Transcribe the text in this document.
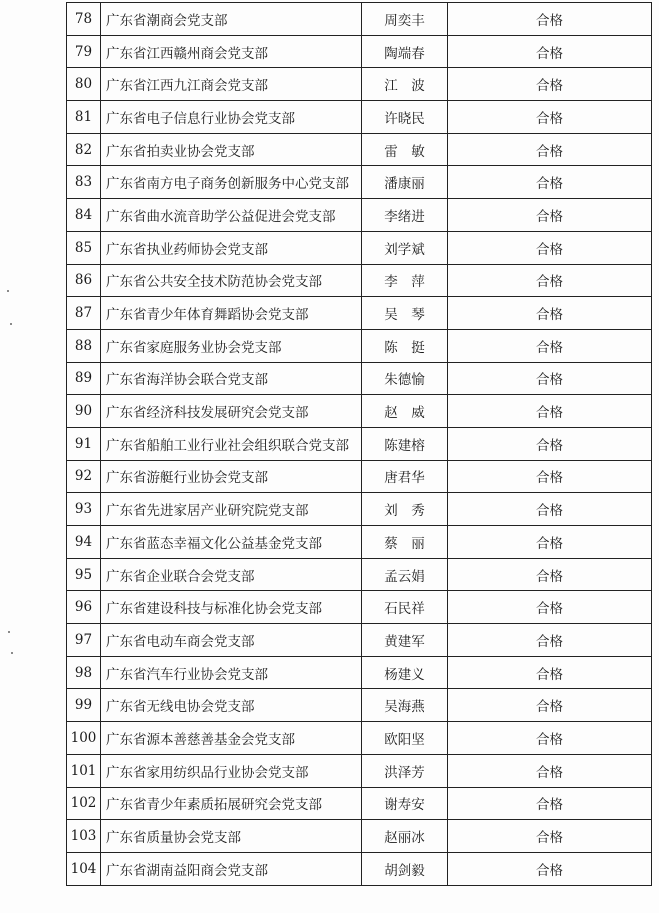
78	广东省潮商会党支部	周奕丰	合格
79	广东省江西赣州商会党支部	陶端春	合格
80	广东省江西九江商会党支部	江　波	合格
81	广东省电子信息行业协会党支部	许晓民	合格
82	广东省拍卖业协会党支部	雷　敏	合格
83	广东省南方电子商务创新服务中心党支部	潘康丽	合格
84	广东省曲水流音助学公益促进会党支部	李绪进	合格
85	广东省执业药师协会党支部	刘学斌	合格
86	广东省公共安全技术防范协会党支部	李　萍	合格
87	广东省青少年体育舞蹈协会党支部	吴　琴	合格
88	广东省家庭服务业协会党支部	陈　挺	合格
89	广东省海洋协会联合党支部	朱德愉	合格
90	广东省经济科技发展研究会党支部	赵　威	合格
91	广东省船舶工业行业社会组织联合党支部	陈建榕	合格
92	广东省游艇行业协会党支部	唐君华	合格
93	广东省先进家居产业研究院党支部	刘　秀	合格
94	广东省蓝态幸福文化公益基金党支部	蔡　丽	合格
95	广东省企业联合会党支部	孟云娟	合格
96	广东省建设科技与标准化协会党支部	石民祥	合格
97	广东省电动车商会党支部	黄建军	合格
98	广东省汽车行业协会党支部	杨建义	合格
99	广东省无线电协会党支部	吴海燕	合格
100	广东省源本善慈善基金会党支部	欧阳坚	合格
101	广东省家用纺织品行业协会党支部	洪泽芳	合格
102	广东省青少年素质拓展研究会党支部	谢寿安	合格
103	广东省质量协会党支部	赵丽冰	合格
104	广东省湖南益阳商会党支部	胡剑毅	合格
